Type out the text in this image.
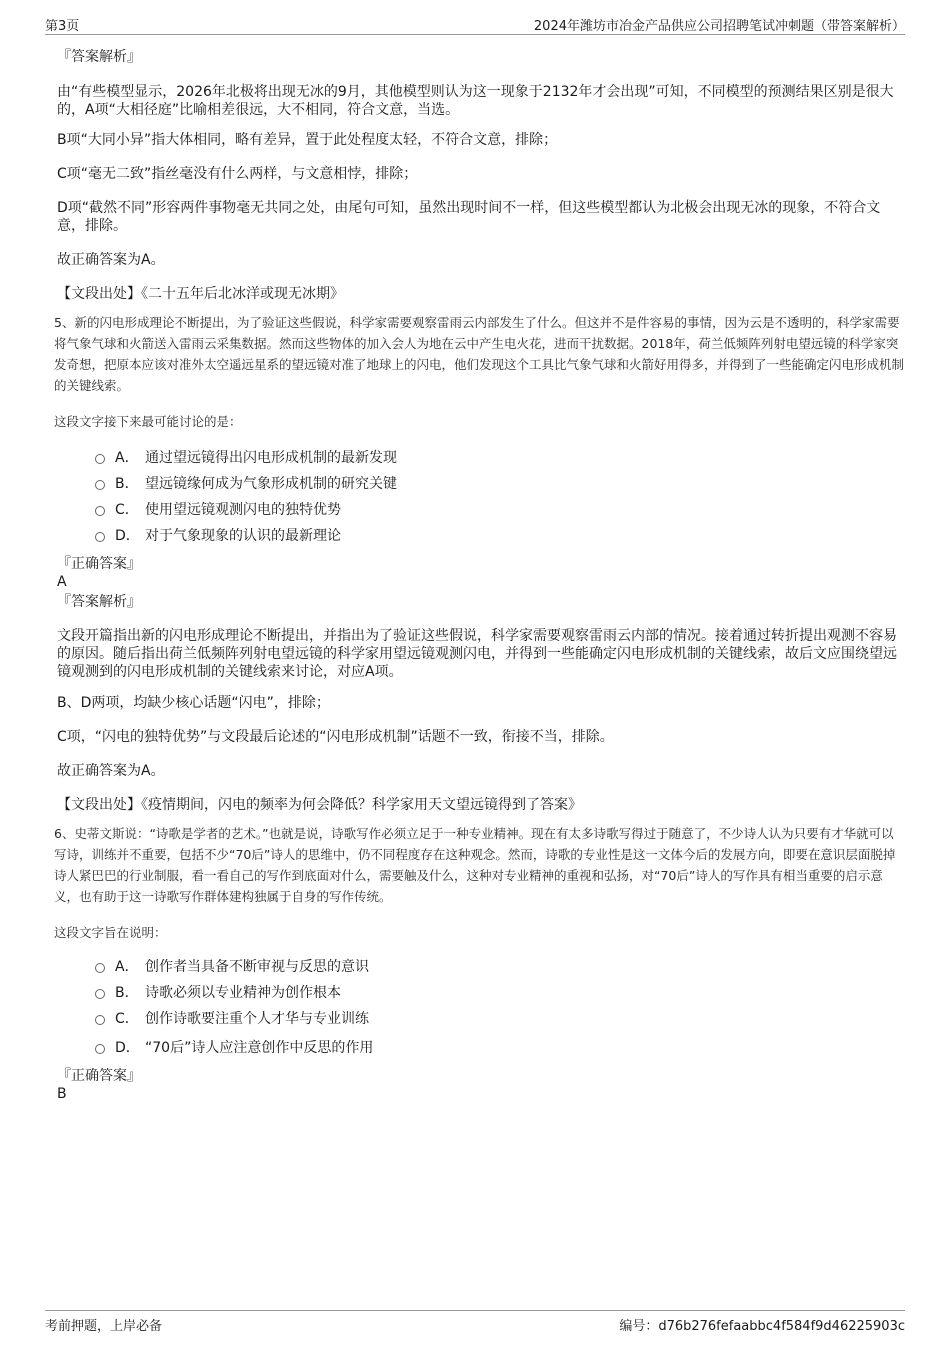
第3页	2024年潍坊市冶金产品供应公司招聘笔试冲刺题（带答案解析）

『答案解析』

由“有些模型显示，2026年北极将出现无冰的9月，其他模型则认为这一现象于2132年才会出现”可知，不同模型的预测结果区别是很大的，A项“大相径庭”比喻相差很远，大不相同，符合文意，当选。

B项“大同小异”指大体相同，略有差异，置于此处程度太轻，不符合文意，排除；

C项“毫无二致”指丝毫没有什么两样，与文意相悖，排除；

D项“截然不同”形容两件事物毫无共同之处，由尾句可知，虽然出现时间不一样，但这些模型都认为北极会出现无冰的现象，不符合文意，排除。

故正确答案为A。

【文段出处】《二十五年后北冰洋或现无冰期》

5、新的闪电形成理论不断提出，为了验证这些假说，科学家需要观察雷雨云内部发生了什么。但这并不是件容易的事情，因为云是不透明的，科学家需要将气象气球和火箭送入雷雨云采集数据。然而这些物体的加入会人为地在云中产生电火花，进而干扰数据。2018年，荷兰低频阵列射电望远镜的科学家突发奇想，把原本应该对准外太空遥远星系的望远镜对准了地球上的闪电，他们发现这个工具比气象气球和火箭好用得多，并得到了一些能确定闪电形成机制的关键线索。

这段文字接下来最可能讨论的是：

A． 通过望远镜得出闪电形成机制的最新发现
B． 望远镜缘何成为气象形成机制的研究关键
C． 使用望远镜观测闪电的独特优势
D． 对于气象现象的认识的最新理论

『正确答案』

A

『答案解析』

文段开篇指出新的闪电形成理论不断提出，并指出为了验证这些假说，科学家需要观察雷雨云内部的情况。接着通过转折提出观测不容易的原因。随后指出荷兰低频阵列射电望远镜的科学家用望远镜观测闪电，并得到一些能确定闪电形成机制的关键线索，故后文应围绕望远镜观测到的闪电形成机制的关键线索来讨论，对应A项。

B、D两项，均缺少核心话题“闪电”，排除；

C项，“闪电的独特优势”与文段最后论述的“闪电形成机制”话题不一致，衔接不当，排除。

故正确答案为A。

【文段出处】《疫情期间，闪电的频率为何会降低？科学家用天文望远镜得到了答案》

6、史蒂文斯说：“诗歌是学者的艺术。”也就是说，诗歌写作必须立足于一种专业精神。现在有太多诗歌写得过于随意了，不少诗人认为只要有才华就可以写诗，训练并不重要，包括不少“70后”诗人的思维中，仍不同程度存在这种观念。然而，诗歌的专业性是这一文体今后的发展方向，即要在意识层面脱掉诗人紧巴巴的行业制服，看一看自己的写作到底面对什么，需要触及什么，这种对专业精神的重视和弘扬，对“70后”诗人的写作具有相当重要的启示意义，也有助于这一诗歌写作群体建构独属于自身的写作传统。

这段文字旨在说明：

A． 创作者当具备不断审视与反思的意识
B． 诗歌必须以专业精神为创作根本
C． 创作诗歌要注重个人才华与专业训练
D． “70后”诗人应注意创作中反思的作用

『正确答案』

B

考前押题，上岸必备	编号：d76b276fefaabbc4f584f9d46225903c
